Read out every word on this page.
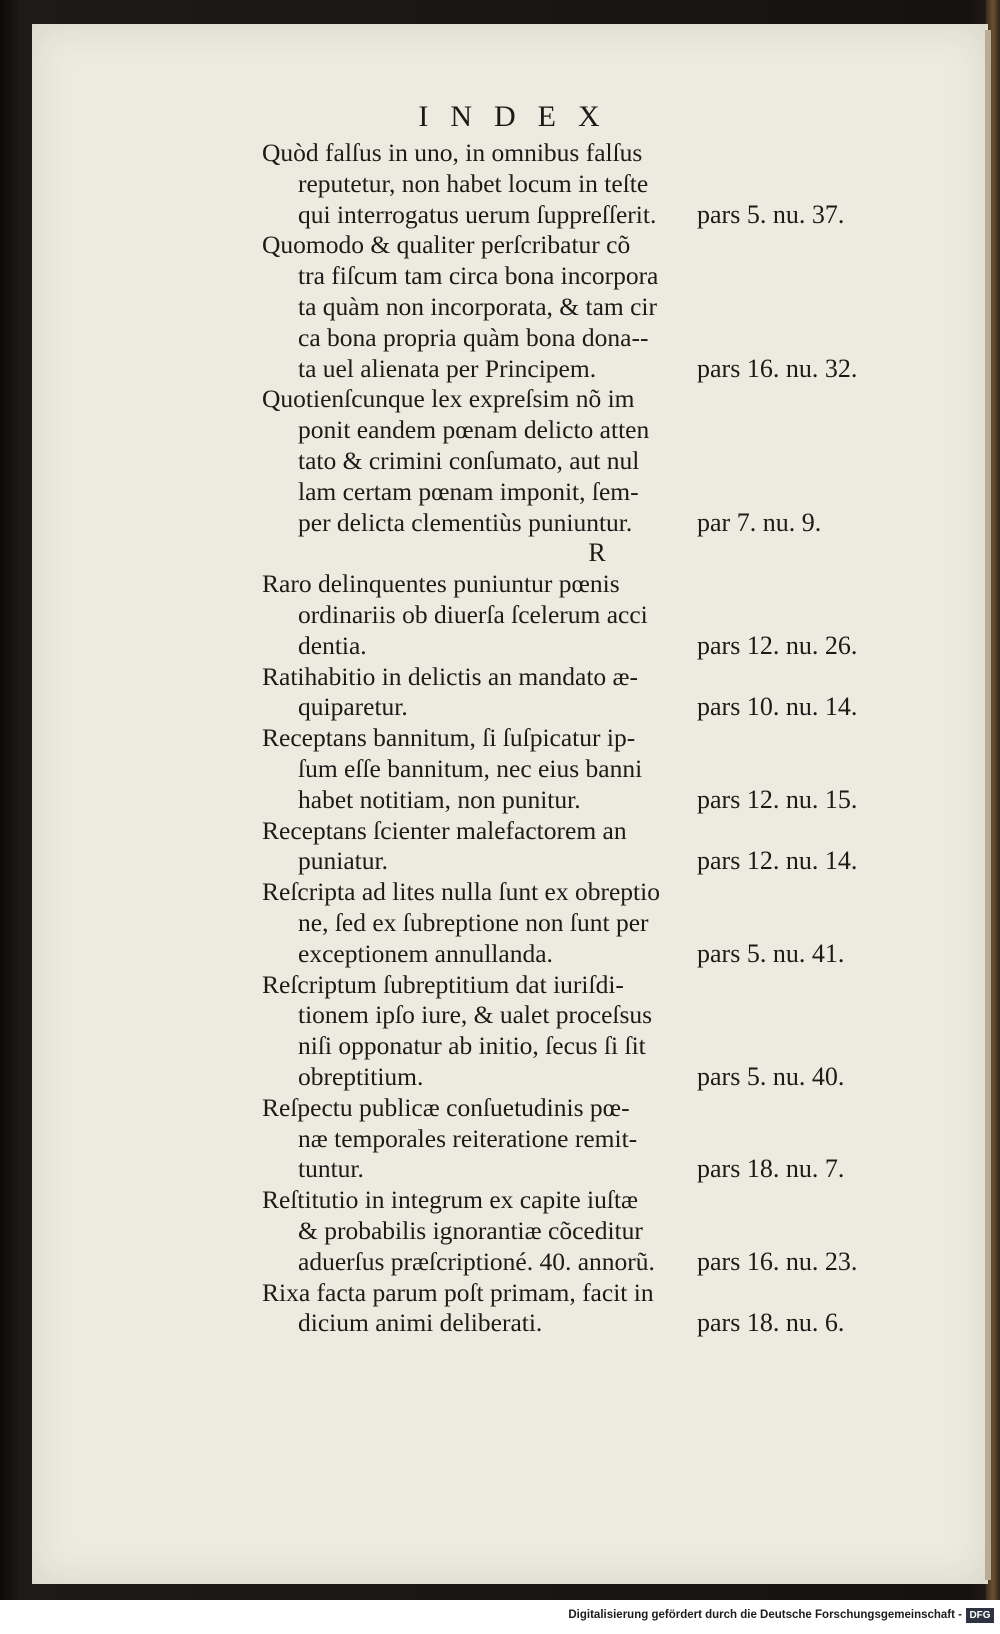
INDEX
Quòd falſus in uno, in omnibus falſus
reputetur, non habet locum in teſte
qui interrogatus uerum ſuppreſſerit. pars 5. nu. 37.
Quomodo & qualiter perſcribatur cõ
tra fiſcum tam circa bona incorpora
ta quàm non incorporata, & tam cir
ca bona propria quàm bona dona--
ta uel alienata per Principem.	pars 16. nu. 32.
Quotienſcunque lex expreſsim nõ im
ponit eandem pœnam delicto atten
tato & crimini conſumato, aut nul
lam certam pœnam imponit, ſem-
per delicta clementiùs puniuntur. par 7. nu. 9.
R
Raro delinquentes puniuntur pœnis
ordinariis ob diuerſa ſcelerum acci
dentia.	pars 12. nu. 26.
Ratihabitio in delictis an mandato æ-
quiparetur.	pars 10. nu. 14.
Receptans bannitum, ſi ſuſpicatur ip-
ſum eſſe bannitum, nec eius banni
habet notitiam, non punitur.	pars 12. nu. 15.
Receptans ſcienter malefactorem an
puniatur.	pars 12. nu. 14.
Reſcripta ad lites nulla ſunt ex obreptio
ne, ſed ex ſubreptione non ſunt per
exceptionem annullanda.	pars 5. nu. 41.
Reſcriptum ſubreptitium dat iuriſdi-
tionem ipſo iure, & ualet proceſsus
niſi opponatur ab initio, ſecus ſi ſit
obreptitium.	pars 5. nu. 40.
Reſpectu publicæ conſuetudinis pœ-
næ temporales reiteratione remit-
tuntur.	pars 18. nu. 7.
Reſtitutio in integrum ex capite iuſtæ
& probabilis ignorantiæ cõceditur
aduerſus præſcriptioné. 40. annorũ. pars 16. nu. 23.
Rixa facta parum poſt primam, facit in
dicium animi deliberati.	pars 18. nu. 6.
Digitalisierung gefördert durch die Deutsche Forschungsgemeinschaft - DFG
